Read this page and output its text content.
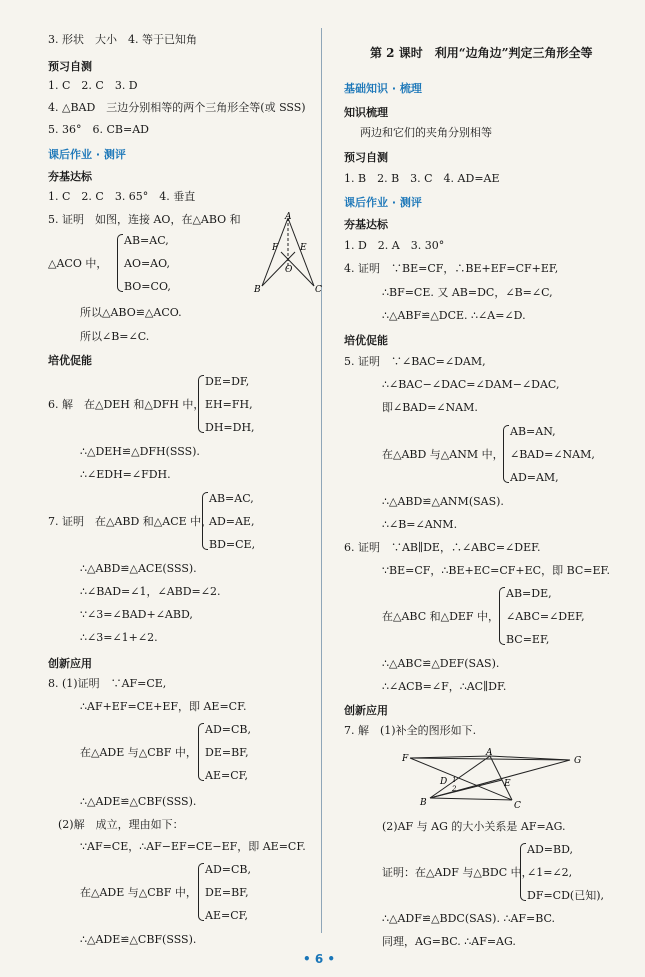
3. 形状　大小　4. 等于已知角
预习自测
1. C　2. C　3. D
4. △BAD　三边分别相等的两个三角形全等(或 SSS)
5. 36°　6. CB=AD
课后作业 · 测评
夯基达标
1. C　2. C　3. 65°　4. 垂直
5. 证明　如图，连接 AO，在△ABO 和
△ACO 中，
AB=AC,
AO=AO,
BO=CO,
所以△ABO≌△ACO.
所以∠B=∠C.
A
F E
O
B	C
培优促能
6. 解　在△DEH 和△DFH 中，
DE=DF,
EH=FH,
DH=DH,
∴△DEH≌△DFH(SSS).
∴∠EDH=∠FDH.
7. 证明　在△ABD 和△ACE 中，
AB=AC,
AD=AE,
BD=CE,
∴△ABD≌△ACE(SSS).
∴∠BAD=∠1，∠ABD=∠2.
∵∠3=∠BAD+∠ABD,
∴∠3=∠1+∠2.
创新应用
8. (1)证明　∵AF=CE,
∴AF+EF=CE+EF，即 AE=CF.
在△ADE 与△CBF 中，
AD=CB,
DE=BF,
AE=CF,
∴△ADE≌△CBF(SSS).
(2)解　成立，理由如下：
∵AF=CE，∴AF−EF=CE−EF，即 AE=CF.
在△ADE 与△CBF 中，
AD=CB,
DE=BF,
AE=CF,
∴△ADE≌△CBF(SSS).
第 2 课时　利用“边角边”判定三角形全等
基础知识 · 梳理
知识梳理
两边和它们的夹角分别相等
预习自测
1. B　2. B　3. C　4. AD=AE
课后作业 · 测评
夯基达标
1. D　2. A　3. 30°
4. 证明　∵BE=CF，∴BE+EF=CF+EF,
∴BF=CE. 又 AB=DC，∠B=∠C,
∴△ABF≌△DCE. ∴∠A=∠D.
培优促能
5. 证明　∵∠BAC=∠DAM,
∴∠BAC−∠DAC=∠DAM−∠DAC,
即∠BAD=∠NAM.
在△ABD 与△ANM 中，
AB=AN,
∠BAD=∠NAM,
AD=AM,
∴△ABD≌△ANM(SAS).
∴∠B=∠ANM.
6. 证明　∵AB∥DE，∴∠ABC=∠DEF.
∵BE=CF，∴BE+EC=CF+EC，即 BC=EF.
在△ABC 和△DEF 中，
AB=DE,
∠ABC=∠DEF,
BC=EF,
∴△ABC≌△DEF(SAS).
∴∠ACB=∠F，∴AC∥DF.
创新应用
7. 解　(1)补全的图形如下.
F
A
G
D 1
2	E
B	C
(2)AF 与 AG 的大小关系是 AF=AG.
证明：在△ADF 与△BDC 中，
AD=BD,
∠1=∠2,
DF=CD(已知),
∴△ADF≌△BDC(SAS). ∴AF=BC.
同理，AG=BC. ∴AF=AG.
• 6 •
